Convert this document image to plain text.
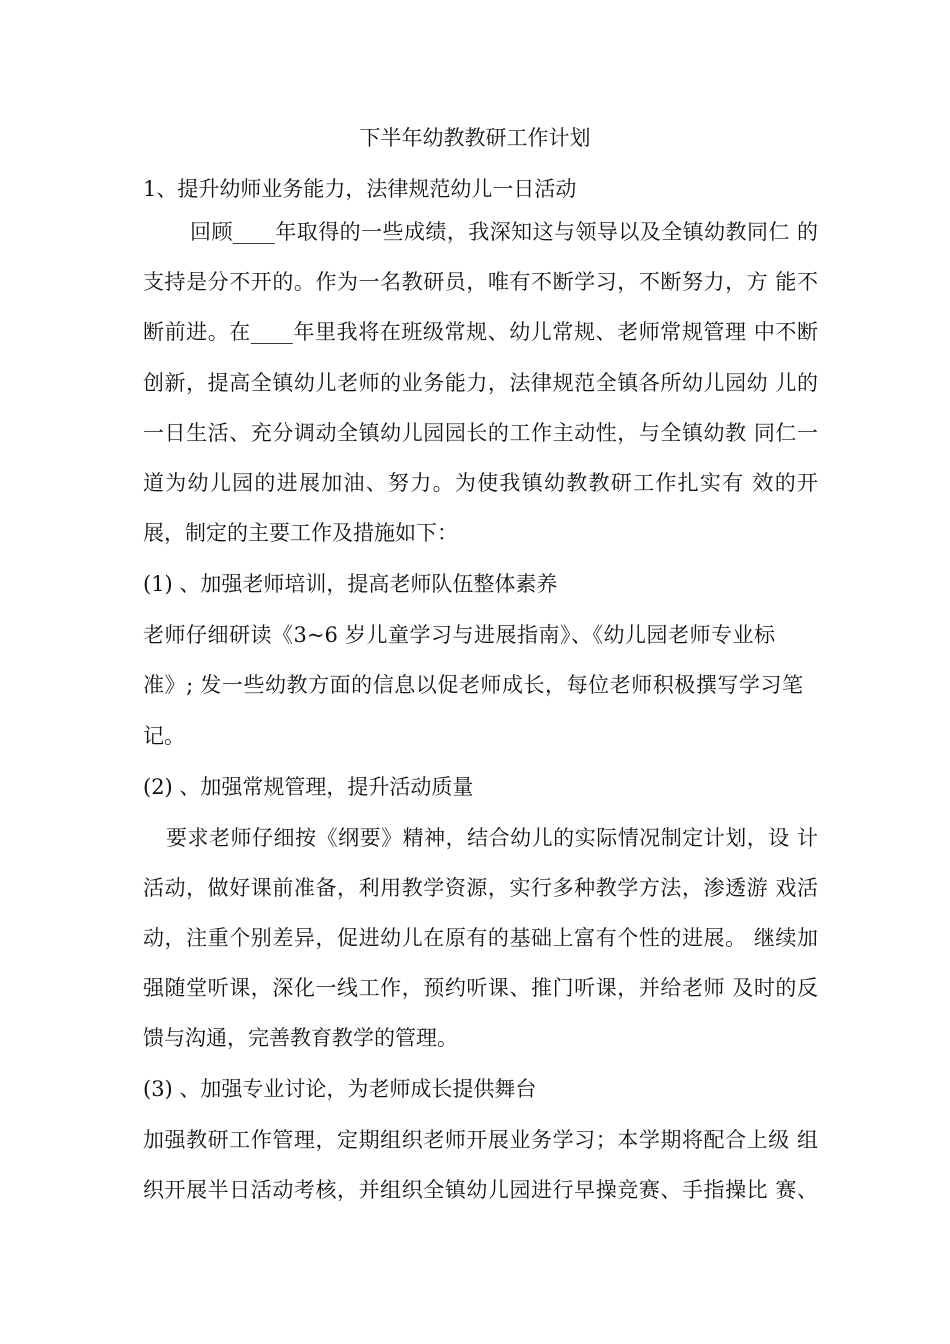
下半年幼教教研工作计划
1、提升幼师业务能力，法律规范幼儿一日活动
回顾____年取得的一些成绩，我深知这与领导以及全镇幼教同仁 的
支持是分不开的。作为一名教研员，唯有不断学习，不断努力，方 能不
断前进。在____年里我将在班级常规、幼儿常规、老师常规管理 中不断
创新，提高全镇幼儿老师的业务能力，法律规范全镇各所幼儿园幼 儿的
一日生活、充分调动全镇幼儿园园长的工作主动性，与全镇幼教 同仁一
道为幼儿园的进展加油、努力。为使我镇幼教教研工作扎实有 效的开
展，制定的主要工作及措施如下：
(1) 、加强老师培训，提高老师队伍整体素养
老师仔细研读《3~6 岁儿童学习与进展指南》、《幼儿园老师专业标
准》; 发一些幼教方面的信息以促老师成长，每位老师积极撰写学习笔
记。
(2) 、加强常规管理，提升活动质量
要求老师仔细按《纲要》精神，结合幼儿的实际情况制定计划，设 计
活动，做好课前准备，利用教学资源，实行多种教学方法，渗透游 戏活
动，注重个别差异，促进幼儿在原有的基础上富有个性的进展。 继续加
强随堂听课，深化一线工作，预约听课、推门听课，并给老师 及时的反
馈与沟通，完善教育教学的管理。
(3) 、加强专业讨论，为老师成长提供舞台
加强教研工作管理，定期组织老师开展业务学习；本学期将配合上级 组
织开展半日活动考核，并组织全镇幼儿园进行早操竞赛、手指操比 赛、
